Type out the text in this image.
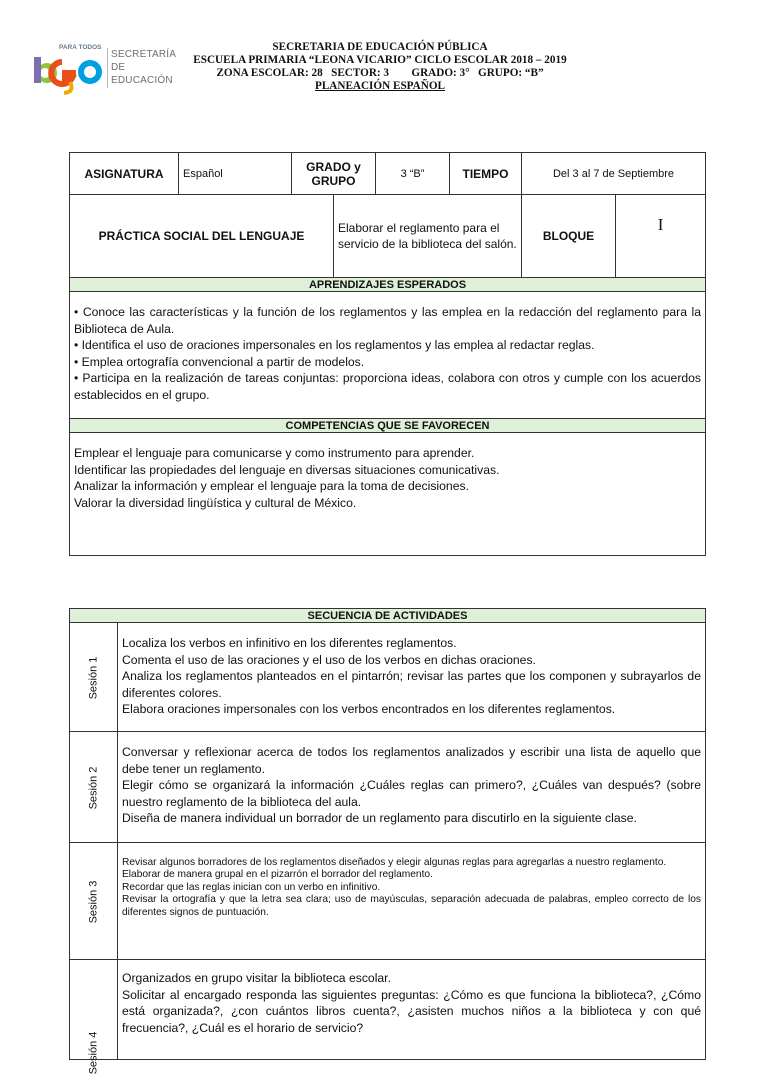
PARA TODOS
SECRETARÍA
DE EDUCACIÓN
SECRETARIA DE EDUCACIÓN PÚBLICA
ESCUELA PRIMARIA “LEONA VICARIO” CICLO ESCOLAR 2018 – 2019
ZONA ESCOLAR: 28   SECTOR: 3        GRADO: 3°   GRUPO: “B”
PLANEACIÓN ESPAÑOL
ASIGNATURA	Español	GRADO y GRUPO		3 “B”	TIEMPO	Del 3 al 7 de Septiembre	
PRÁCTICA SOCIAL DEL LENGUAJE			Elaborar el reglamento para el servicio de la biblioteca del salón.			BLOQUE	I
APRENDIZAJES ESPERADOS							

• Conoce las características y la función de los reglamentos y las emplea en la redacción del reglamento para la Biblioteca de Aula.
• Identifica el uso de oraciones impersonales en los reglamentos y las emplea al redactar reglas.
• Emplea ortografía convencional a partir de modelos.
• Participa en la realización de tareas conjuntas: proporciona ideas, colabora con otros y cumple con los acuerdos establecidos en el grupo.							

COMPETENCIAS QUE SE FAVORECEN							

Emplear el lenguaje para comunicarse y como instrumento para aprender.
Identificar las propiedades del lenguaje en diversas situaciones comunicativas.
Analizar la información y emplear el lenguaje para la toma de decisiones.
Valorar la diversidad lingüística y cultural de México.							
SECUENCIA DE ACTIVIDADES	
Sesión 1	Localiza los verbos en infinitivo en los diferentes reglamentos.
Comenta el uso de las oraciones y el uso de los verbos en dichas oraciones.
Analiza los reglamentos planteados en el pintarrón; revisar las partes que los componen y subrayarlos de diferentes colores.
Elabora oraciones impersonales con los verbos encontrados en los diferentes reglamentos.

Sesión 2	Conversar y reflexionar acerca de todos los reglamentos analizados y escribir una lista de aquello que debe tener un reglamento.
Elegir cómo se organizará la información ¿Cuáles reglas can primero?, ¿Cuáles van después? (sobre nuestro reglamento de la biblioteca del aula.
Diseña de manera individual un borrador de un reglamento para discutirlo en la siguiente clase.

Sesión 3	Revisar algunos borradores de los reglamentos diseñados y elegir algunas reglas para agregarlas a nuestro reglamento.
Elaborar de manera grupal en el pizarrón el borrador del reglamento.
Recordar que las reglas inician con un verbo en infinitivo.
Revisar la ortografía y que la letra sea clara; uso de mayúsculas, separación adecuada de palabras, empleo correcto de los diferentes signos de puntuación.

Sesión 4	Organizados en grupo visitar la biblioteca escolar.
Solicitar al encargado responda las siguientes preguntas: ¿Cómo es que funciona la biblioteca?, ¿Cómo está organizada?, ¿con cuántos libros cuenta?, ¿asisten muchos niños a la biblioteca y con qué frecuencia?, ¿Cuál es el horario de servicio?
